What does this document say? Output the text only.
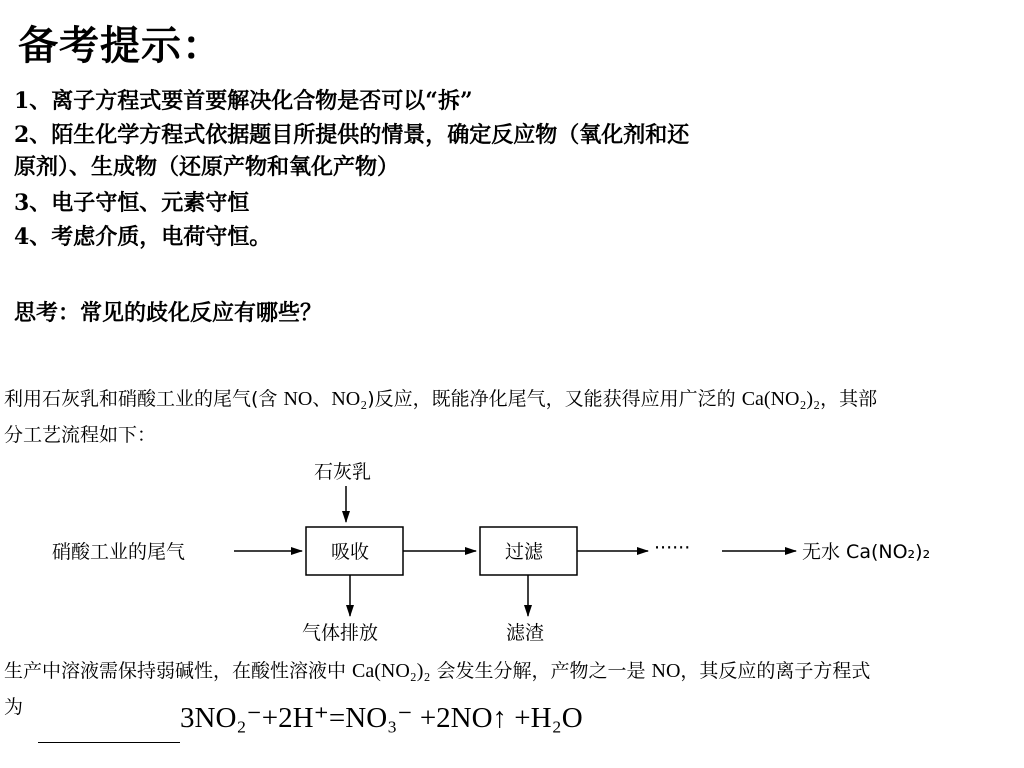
备考提示：
1、离子方程式要首要解决化合物是否可以“拆”
2、陌生化学方程式依据题目所提供的情景，确定反应物（氧化剂和还
原剂）、生成物（还原产物和氧化产物）
3、电子守恒、元素守恒
4、考虑介质，电荷守恒。
思考：常见的歧化反应有哪些？
利用石灰乳和硝酸工业的尾气(含 NO、NO₂)反应，既能净化尾气，又能获得应用广泛的 Ca(NO₂)₂，其部
分工艺流程如下：
石灰乳
硝酸工业的尾气	吸收	过滤	······	无水 Ca(NO₂)₂
气体排放	滤渣
生产中溶液需保持弱碱性，在酸性溶液中 Ca(NO₂)₂ 会发生分解，产物之一是 NO，其反应的离子方程式
为	3NO₂⁻+2H⁺=NO₃⁻ +2NO↑ +H₂O
